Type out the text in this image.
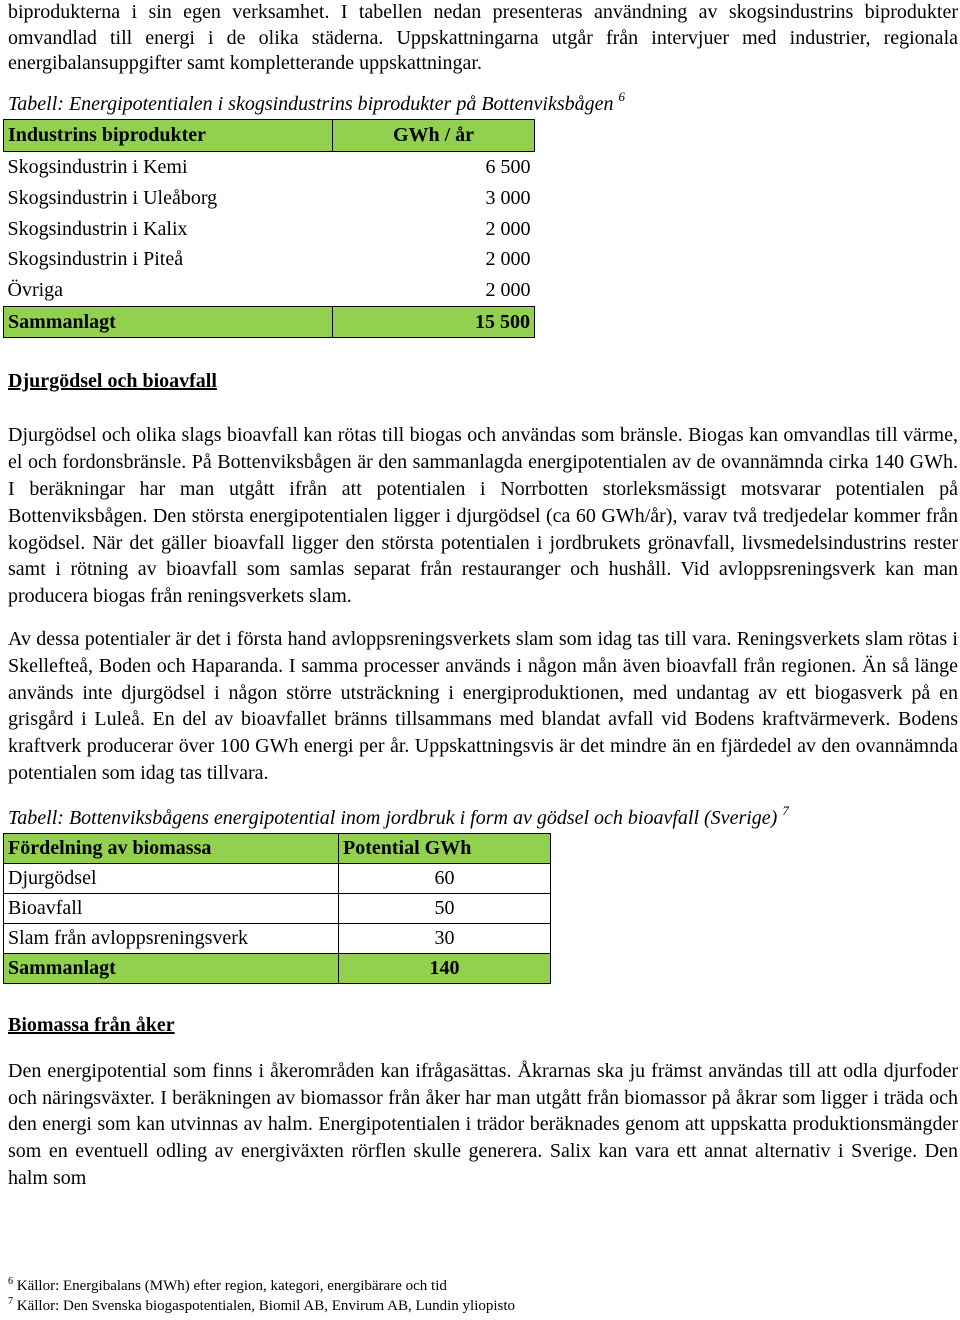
biprodukterna i sin egen verksamhet. I tabellen nedan presenteras användning av skogsindustrins biprodukter omvandlad till energi i de olika städerna. Uppskattningarna utgår från intervjuer med industrier, regionala energibalansuppgifter samt kompletterande uppskattningar.

Tabell: Energipotentialen i skogsindustrins biprodukter på Bottenviksbågen $^6$

Industrins biprodukter	GWh / år
Skogsindustrin i Kemi	6 500
Skogsindustrin i Uleåborg	3 000
Skogsindustrin i Kalix	2 000
Skogsindustrin i Piteå	2 000
Övriga	2 000
Sammanlagt	15 500

Djurgödsel och bioavfall

Djurgödsel och olika slags bioavfall kan rötas till biogas och användas som bränsle. Biogas kan omvandlas till värme, el och fordonsbränsle. På Bottenviksbågen är den sammanlagda energipotentialen av de ovannämnda cirka 140 GWh. I beräkningar har man utgått ifrån att potentialen i Norrbotten storleksmässigt motsvarar potentialen på Bottenviksbågen. Den största energipotentialen ligger i djurgödsel (ca 60 GWh/år), varav två tredjedelar kommer från kogödsel. När det gäller bioavfall ligger den största potentialen i jordbrukets grönavfall, livsmedelsindustrins rester samt i rötning av bioavfall som samlas separat från restauranger och hushåll. Vid avloppsreningsverk kan man producera biogas från reningsverkets slam.

Av dessa potentialer är det i första hand avloppsreningsverkets slam som idag tas till vara. Reningsverkets slam rötas i Skellefteå, Boden och Haparanda. I samma processer används i någon mån även bioavfall från regionen. Än så länge används inte djurgödsel i någon större utsträckning i energiproduktionen, med undantag av ett biogasverk på en grisgård i Luleå. En del av bioavfallet bränns tillsammans med blandat avfall vid Bodens kraftvärmeverk. Bodens kraftverk producerar över 100 GWh energi per år. Uppskattningsvis är det mindre än en fjärdedel av den ovannämnda potentialen som idag tas tillvara.

Tabell: Bottenviksbågens energipotential inom jordbruk i form av gödsel och bioavfall (Sverige) $^7$

Fördelning av biomassa	Potential GWh
Djurgödsel	60
Bioavfall	50
Slam från avloppsreningsverk	30
Sammanlagt	140

Biomassa från åker

Den energipotential som finns i åkerområden kan ifrågasättas. Åkrarnas ska ju främst användas till att odla djurfoder och näringsväxter. I beräkningen av biomassor från åker har man utgått från biomassor på åkrar som ligger i träda och den energi som kan utvinnas av halm. Energipotentialen i trädor beräknades genom att uppskatta produktionsmängder som en eventuell odling av energiväxten rörflen skulle generera. Salix kan vara ett annat alternativ i Sverige. Den halm som

$^6$ Källor: Energibalans (MWh) efter region, kategori, energibärare och tid
$^7$ Källor: Den Svenska biogaspotentialen, Biomil AB, Envirum AB, Lundin yliopisto
